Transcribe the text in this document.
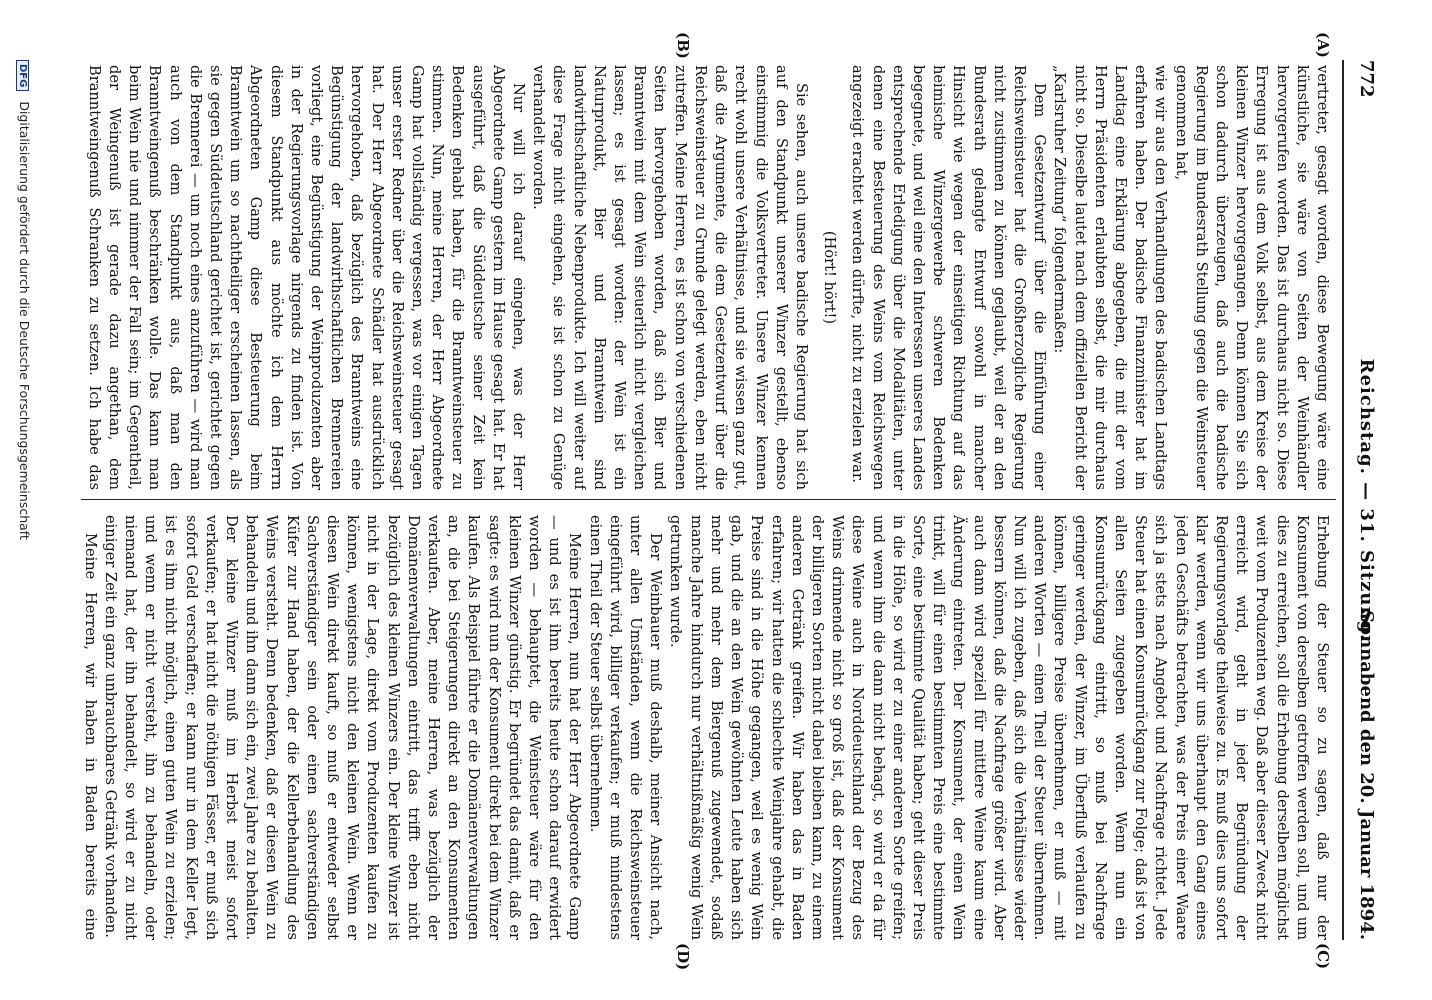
772
Reichstag. — 31. Sitzung.
Sonnabend den 20. Januar 1894.
(A)
(B)
(C)
(D)

vertreter, gesagt worden, diese Bewegung wäre eine künstliche, sie wäre von Seiten der Weinhändler hervorgerufen worden. Das ist durchaus nicht so. Diese Erregung ist aus dem Volk selbst, aus dem Kreise der kleinen Winzer hervorgegangen. Denn können Sie sich schon dadurch überzeugen, daß auch die badische Regierung im Bundesrath Stellung gegen die Weinsteuer genommen hat,

wie wir aus den Verhandlungen des badischen Landtags erfahren haben. Der badische Finanzminister hat im Landtag eine Erklärung abgegeben, die mit der vom Herrn Präsidenten erlaubten selbst, die mir durchaus nicht so. Dieselbe lautet nach dem offiziellen Bericht der „Karlsruher Zeitung“ folgendermaßen:

Dem Gesetzentwurf über die Einführung einer Reichsweinsteuer hat die Großherzogliche Regierung nicht zustimmen zu können geglaubt, weil der an den Bundesrath gelangte Entwurf sowohl in mancher Hinsicht wie wegen der einseitigen Richtung auf das heimische Winzergewerbe schweren Bedenken begegnete, und weil eine den Interessen unseres Landes entsprechende Erledigung über die Modalitäten, unter denen eine Besteuerung des Weins vom Reichswegen angezeigt erachtet werden dürfte, nicht zu erzielen war.

(Hört! hört!)

Sie sehen, auch unsere badische Regierung hat sich auf den Standpunkt unserer Winzer gestellt, ebenso einstimmig die Volksvertreter. Unsere Winzer kennen recht wohl unsere Verhältnisse, und sie wissen ganz gut, daß die Argumente, die dem Gesetzentwurf über die Reichsweinsteuer zu Grunde gelegt werden, eben nicht zutreffen. Meine Herren, es ist schon von verschiedenen Seiten hervorgehoben worden, daß sich Bier und Branntwein mit dem Wein steuerlich nicht vergleichen lassen; es ist gesagt worden: der Wein ist ein Naturprodukt, Bier und Branntwein sind landwirthschaftliche Nebenprodukte. Ich will weiter auf diese Frage nicht eingehen, sie ist schon zu Genüge verhandelt worden.

Nur will ich darauf eingehen, was der Herr Abgeordnete Gamp gestern im Hause gesagt hat. Er hat ausgeführt, daß die Süddeutsche seiner Zeit kein Bedenken gehabt haben, für die Branntweinsteuer zu stimmen. Nun, meine Herren, der Herr Abgeordnete Gamp hat vollständig vergessen, was vor einigen Tagen unser erster Redner über die Reichsweinsteuer gesagt hat. Der Herr Abgeordnete Schädler hat ausdrücklich hervorgehoben, daß bezüglich des Branntweins eine Begünstigung der landwirthschaftlichen Brennereien vorliegt, eine Begünstigung der Weinproduzenten aber in der Regierungsvorlage nirgends zu finden ist. Von diesem Standpunkt aus möchte ich dem Herrn Abgeordneten Gamp diese Besteuerung beim Branntwein um so nachtheiliger erscheinen lassen, als sie gegen Süddeutschland gerichtet ist, gerichtet gegen die Brennerei — um noch eines anzuführen — wird man auch von dem Standpunkt aus, daß man den Branntweingenuß beschränken wolle. Das kann man beim Wein nie und nimmer der Fall sein; im Gegentheil, der Weingenuß ist gerade dazu angethan, dem Branntweingenuß Schranken zu setzen. Ich habe das

Erhebung der Steuer so zu sagen, daß nur der Konsument von derselben getroffen werden soll, und um dies zu erreichen, soll die Erhebung derselben möglichst weit vom Produzenten weg. Daß aber dieser Zweck nicht erreicht wird, geht in jeder Begründung der Regierungsvorlage theilweise zu. Es muß dies uns sofort klar werden, wenn wir uns überhaupt den Gang eines jeden Geschäfts betrachten, was der Preis einer Waare sich ja stets nach Angebot und Nachfrage richtet. Jede Steuer hat einen Konsumrückgang zur Folge; daß ist von allen Seiten zugegeben worden. Wenn nun ein Konsumrückgang eintritt, so muß bei Nachfrage geringer werden, der Winzer, im Überfluß verlaufen zu können, billigere Preise übernehmen, er muß — mit anderen Worten — einen Theil der Steuer übernehmen. Nun will ich zugeben, daß sich die Verhältnisse wieder bessern können, daß die Nachfrage größer wird. Aber auch dann wird speziell für mittlere Weine kaum eine Änderung eintreten. Der Konsument, der einen Wein trinkt, will für einen bestimmten Preis eine bestimmte Sorte, eine bestimmte Qualität haben; geht dieser Preis in die Höhe, so wird er zu einer anderen Sorte greifen; und wenn ihm die dann nicht behagt, so wird er da für diese Weine auch in Norddeutschland der Bezug des Weins drinnende nicht so groß ist, daß der Konsument der billigeren Sorten nicht dabei bleiben kann, zu einem anderen Getränk greifen. Wir haben das in Baden erfahren; wir hatten die schlechte Weinjahre gehabt, die Preise sind in die Höhe gegangen, weil es wenig Wein gab, und die an den Wein gewöhnten Leute haben sich mehr und mehr dem Biergenuß zugewendet, sodaß manche Jahre hindurch nur verhältnißmäßig wenig Wein getrunken wurde.

Der Weinbauer muß deshalb, meiner Ansicht nach, unter allen Umständen, wenn die Reichsweinsteuer eingeführt wird, billiger verkaufen; er muß mindestens einen Theil der Steuer selbst übernehmen.

Meine Herren, nun hat der Herr Abgeordnete Gamp — und es ist ihm bereits heute schon darauf erwidert worden — behauptet, die Weinsteuer wäre für den kleinen Winzer günstig. Er begründet das damit, daß er sagte: es wird nun der Konsument direkt bei dem Winzer kaufen. Als Beispiel führte er die Domänenverwaltungen an, die bei Steigerungen direkt an den Konsumenten verkaufen. Aber, meine Herren, was bezüglich der Domänenverwaltungen eintritt, das trifft eben nicht bezüglich des kleinen Winzers ein. Der kleine Winzer ist nicht in der Lage, direkt vom Produzenten kaufen zu können, wenigstens nicht den kleinen Wein. Wenn er diesen Wein direkt kauft, so muß er entweder selbst Sachverständiger sein oder einen sachverständigen Küfer zur Hand haben, der die Kellerbehandlung des Weins versteht. Denn bedenken, daß er diesen Wein zu behandeln und ihn dann sich ein, zwei Jahre zu behalten. Der kleine Winzer muß im Herbst meist sofort verkaufen; er hat nicht die nöthigen Fässer, er muß sich sofort Geld verschaffen; er kann nur in dem Keller legt, ist es ihm nicht möglich, einen guten Wein zu erzielen; und wenn er nicht versteht, ihn zu behandeln, oder niemand hat, der ihn behandelt, so wird er zu nicht einiger Zeit ein ganz unbrauchbares Getränk vorhanden.

Meine Herren, wir haben in Baden bereits eine

DFG Digitalisierung gefördert durch die Deutsche Forschungsgemeinschaft
